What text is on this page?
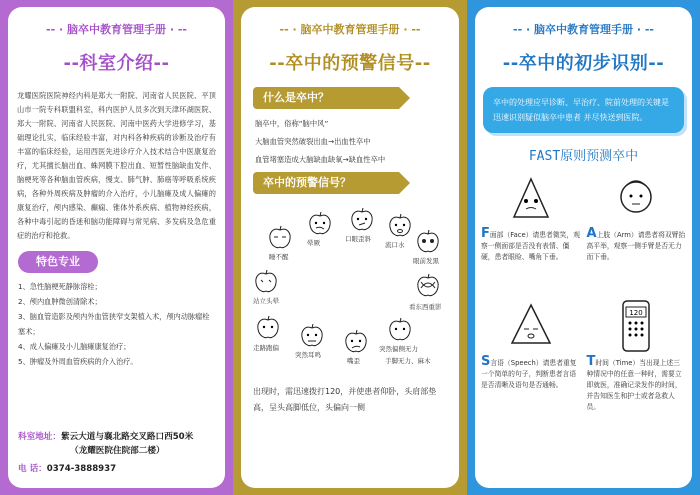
-- · 脑卒中教育管理手册 · --
--科室介绍--
龙耀医院医院神经内科是郑大一附院、河南省人民医院、平顶山市一院专科联盟科室，科内医护人员多次到天津环湖医院、郑大一附院、河南省人民医院、河南中医药大学进修学习，基础理论扎实，临床经验丰富，对内科各种疾病的诊断及治疗有丰富的临床经验，运用西医先进诊疗介入技术结合中医康复治疗，尤其擅长脑出血、蛛网膜下腔出血、短暂性脑缺血发作、脑梗死等各种脑血管疾病，慢支、肺气肿、肺癌等呼吸系统疾病，各种外周疾病及肿瘤的介入治疗，小儿脑瘫及成人偏瘫的康复治疗，颅内感染、癫痫、锥体外系疾病、植物神经疾病，各种中毒引起的昏迷和脑功能障碍与常见病、多发病及急危重症的治疗和抢救。
特色专业
1、急性脑梗死静脉溶栓；
2、颅内血肿微创清除术；
3、脑血管造影及颅内外血管狭窄支架植入术，颅内动脉瘤栓塞术；
4、成人偏瘫及小儿脑瘫康复治疗；
5、肿瘤及外周血管疾病的介入治疗。
科室地址：紫云大道与襄北路交叉路口西50米
（龙耀医院住院部二楼）
电 话：0374-3888937
-- · 脑卒中教育管理手册 · --
--卒中的预警信号--
什么是卒中？

脑卒中，俗称“脑中风”

大脑血管突然破裂出血→出血性卒中

血管堵塞造成大脑缺血缺氧→缺血性卒中

卒中的预警信号？
晕厥	口眼歪斜
流口水
睡不醒	眼前发黑
站立头晕
看东西重影
走路跑偏
突然耳鸣
嘴歪
突然偏侧无力
手脚无力、麻木
出现时，需迅速拨打120，并使患者仰卧，头肩部垫高，呈头高脚低位，头偏向一侧
-- · 脑卒中教育管理手册 · --
--卒中的初步识别--
卒中的处理应早诊断、早治疗、院前处理的关键是迅速识别疑似脑卒中患者 并尽快送到医院。
FAST原则预测卒中
F面部（Face）请患者微笑，观察一侧面部是否没有表情、僵硬，患者眼睑、嘴角下垂。
A上肢（Arm）请患者将双臂抬高平举，观察一侧手臂是否无力而下垂。
S言语（Speech）请患者重复一个简单的句子，判断患者言语是否清晰及语句是否通畅。
120
T时间（Time）当出现上述三种情况中的任意一种时，需要立即就医，准确记录发作的时间，并告知医生和护士或者急救人员。
